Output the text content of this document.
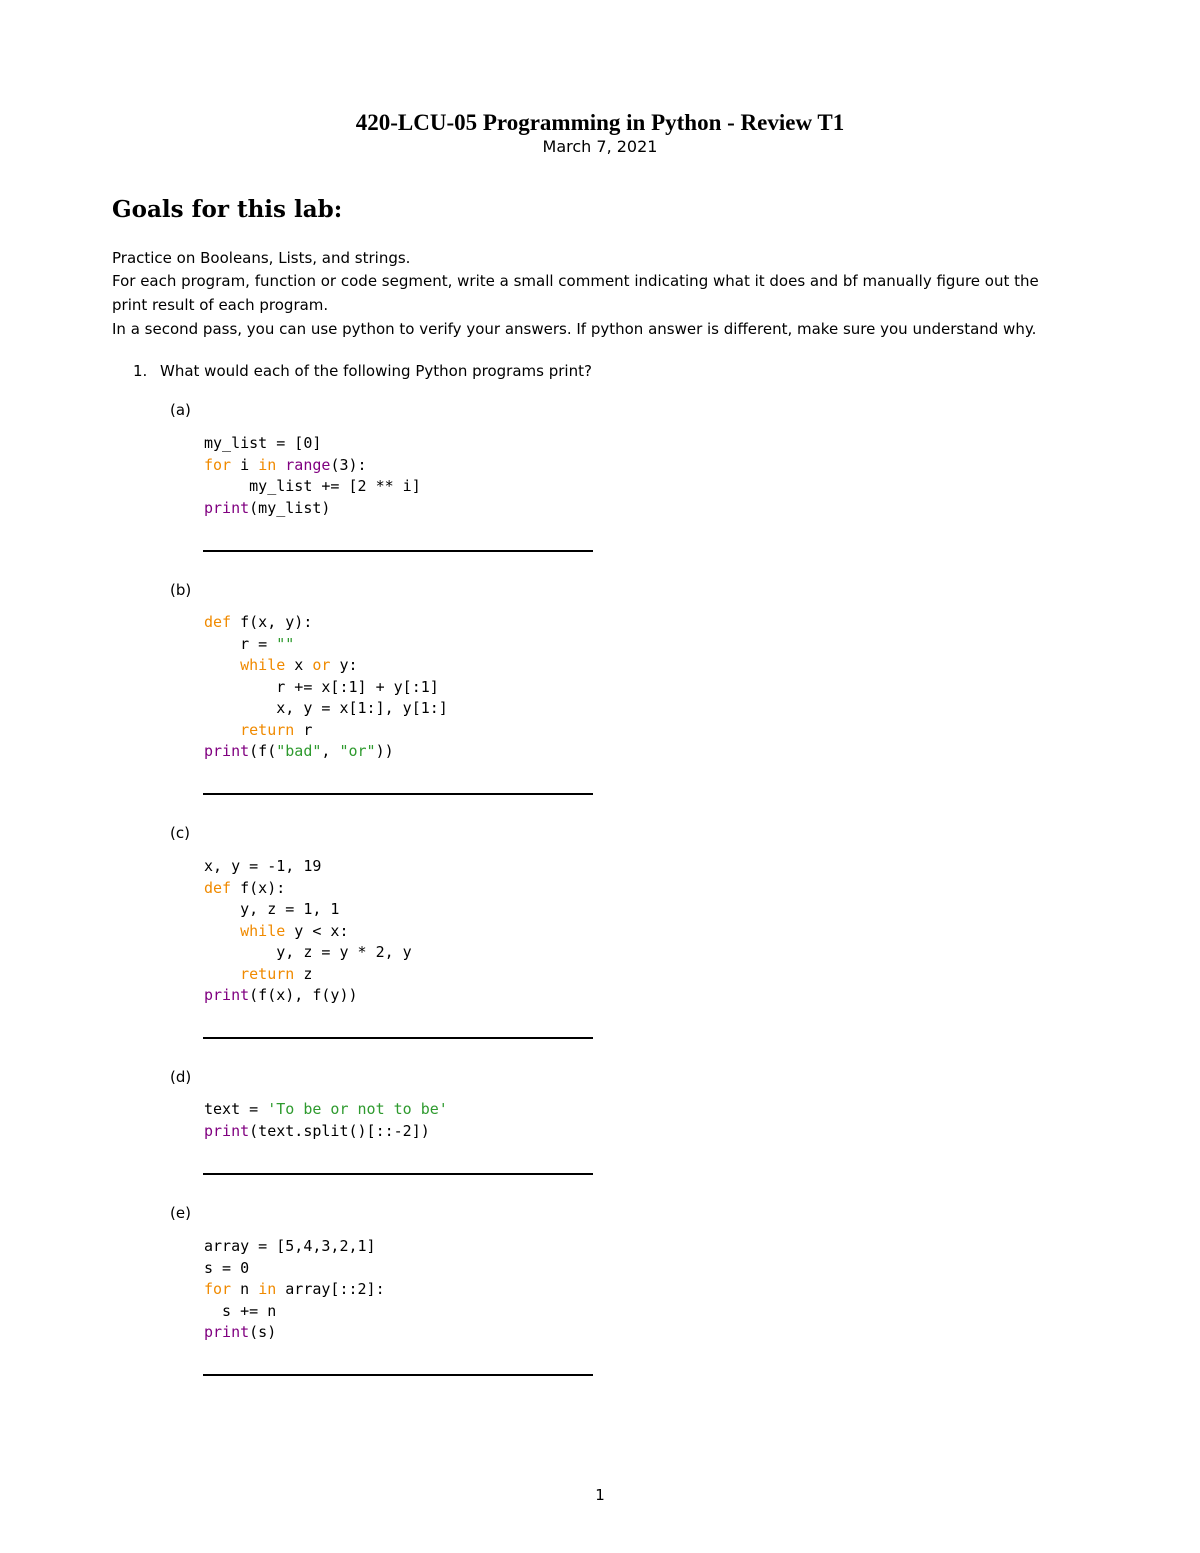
420-LCU-05 Programming in Python - Review T1
March 7, 2021
Goals for this lab:
Practice on Booleans, Lists, and strings.
For each program, function or code segment, write a small comment indicating what it does and bf manually figure out the
print result of each program.
In a second pass, you can use python to verify your answers. If python answer is different, make sure you understand why.
1. What would each of the following Python programs print?
(a)
my_list = [0]
for i in range(3):
my_list += [2 ** i]
print(my_list)
(b)
def f(x, y):
r = ""
while x or y:
r += x[:1] + y[:1]
x, y = x[1:], y[1:]
return r
print(f("bad", "or"))
(c)
x, y = -1, 19
def f(x):
y, z = 1, 1
while y < x:
y, z = y * 2, y
return z
print(f(x), f(y))
(d)
text = 'To be or not to be'
print(text.split()[::-2])
(e)
array = [5,4,3,2,1]
s = 0
for n in array[::2]:
s += n
print(s)
1
